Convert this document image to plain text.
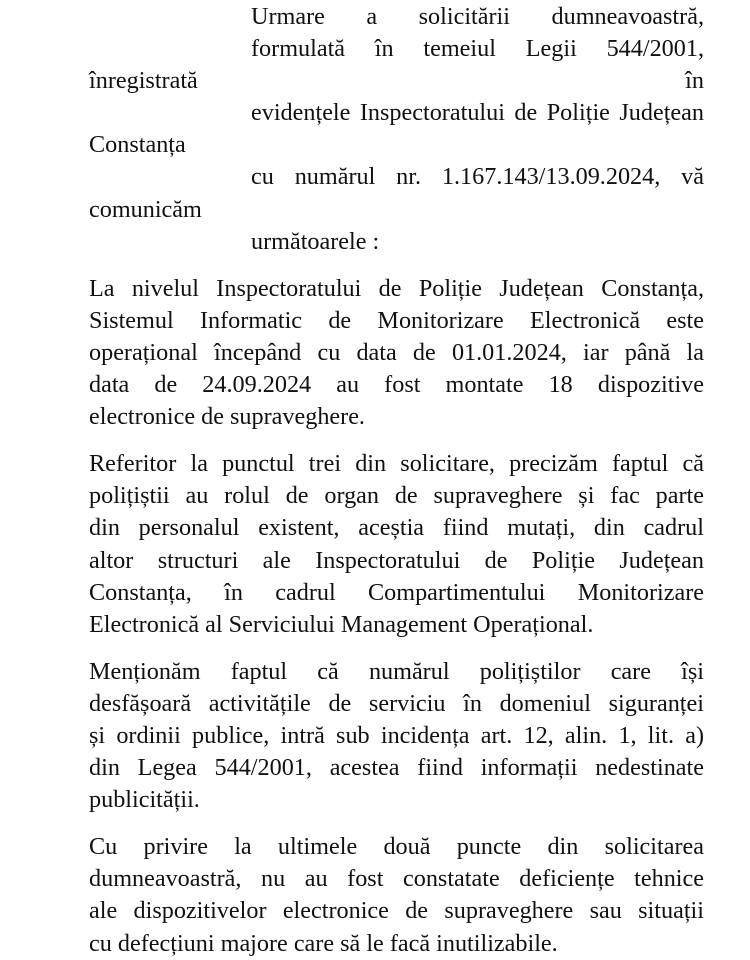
Urmare a solicitării dumneavoastră,
formulată în temeiul Legii 544/2001, înregistrată în
evidențele Inspectoratului de Poliție Județean Constanța
cu numărul nr. 1.167.143/13.09.2024, vă comunicăm
următoarele :

La nivelul Inspectoratului de Poliție Județean Constanța,
Sistemul Informatic de Monitorizare Electronică este
operațional începând cu data de 01.01.2024, iar până la
data de 24.09.2024 au fost montate 18 dispozitive
electronice de supraveghere.

Referitor la punctul trei din solicitare, precizăm faptul că
polițiștii au rolul de organ de supraveghere și fac parte
din personalul existent, aceștia fiind mutați, din cadrul
altor structuri ale Inspectoratului de Poliție Județean
Constanța, în cadrul Compartimentului Monitorizare
Electronică al Serviciului Management Operațional.

Menționăm faptul că numărul polițiștilor care își
desfășoară activitățile de serviciu în domeniul siguranței
și ordinii publice, intră sub incidența art. 12, alin. 1, lit. a)
din Legea 544/2001, acestea fiind informații nedestinate
publicității.

Cu privire la ultimele două puncte din solicitarea
dumneavoastră, nu au fost constatate deficiențe tehnice
ale dispozitivelor electronice de supraveghere sau situații
cu defecțiuni majore care să le facă inutilizabile.
